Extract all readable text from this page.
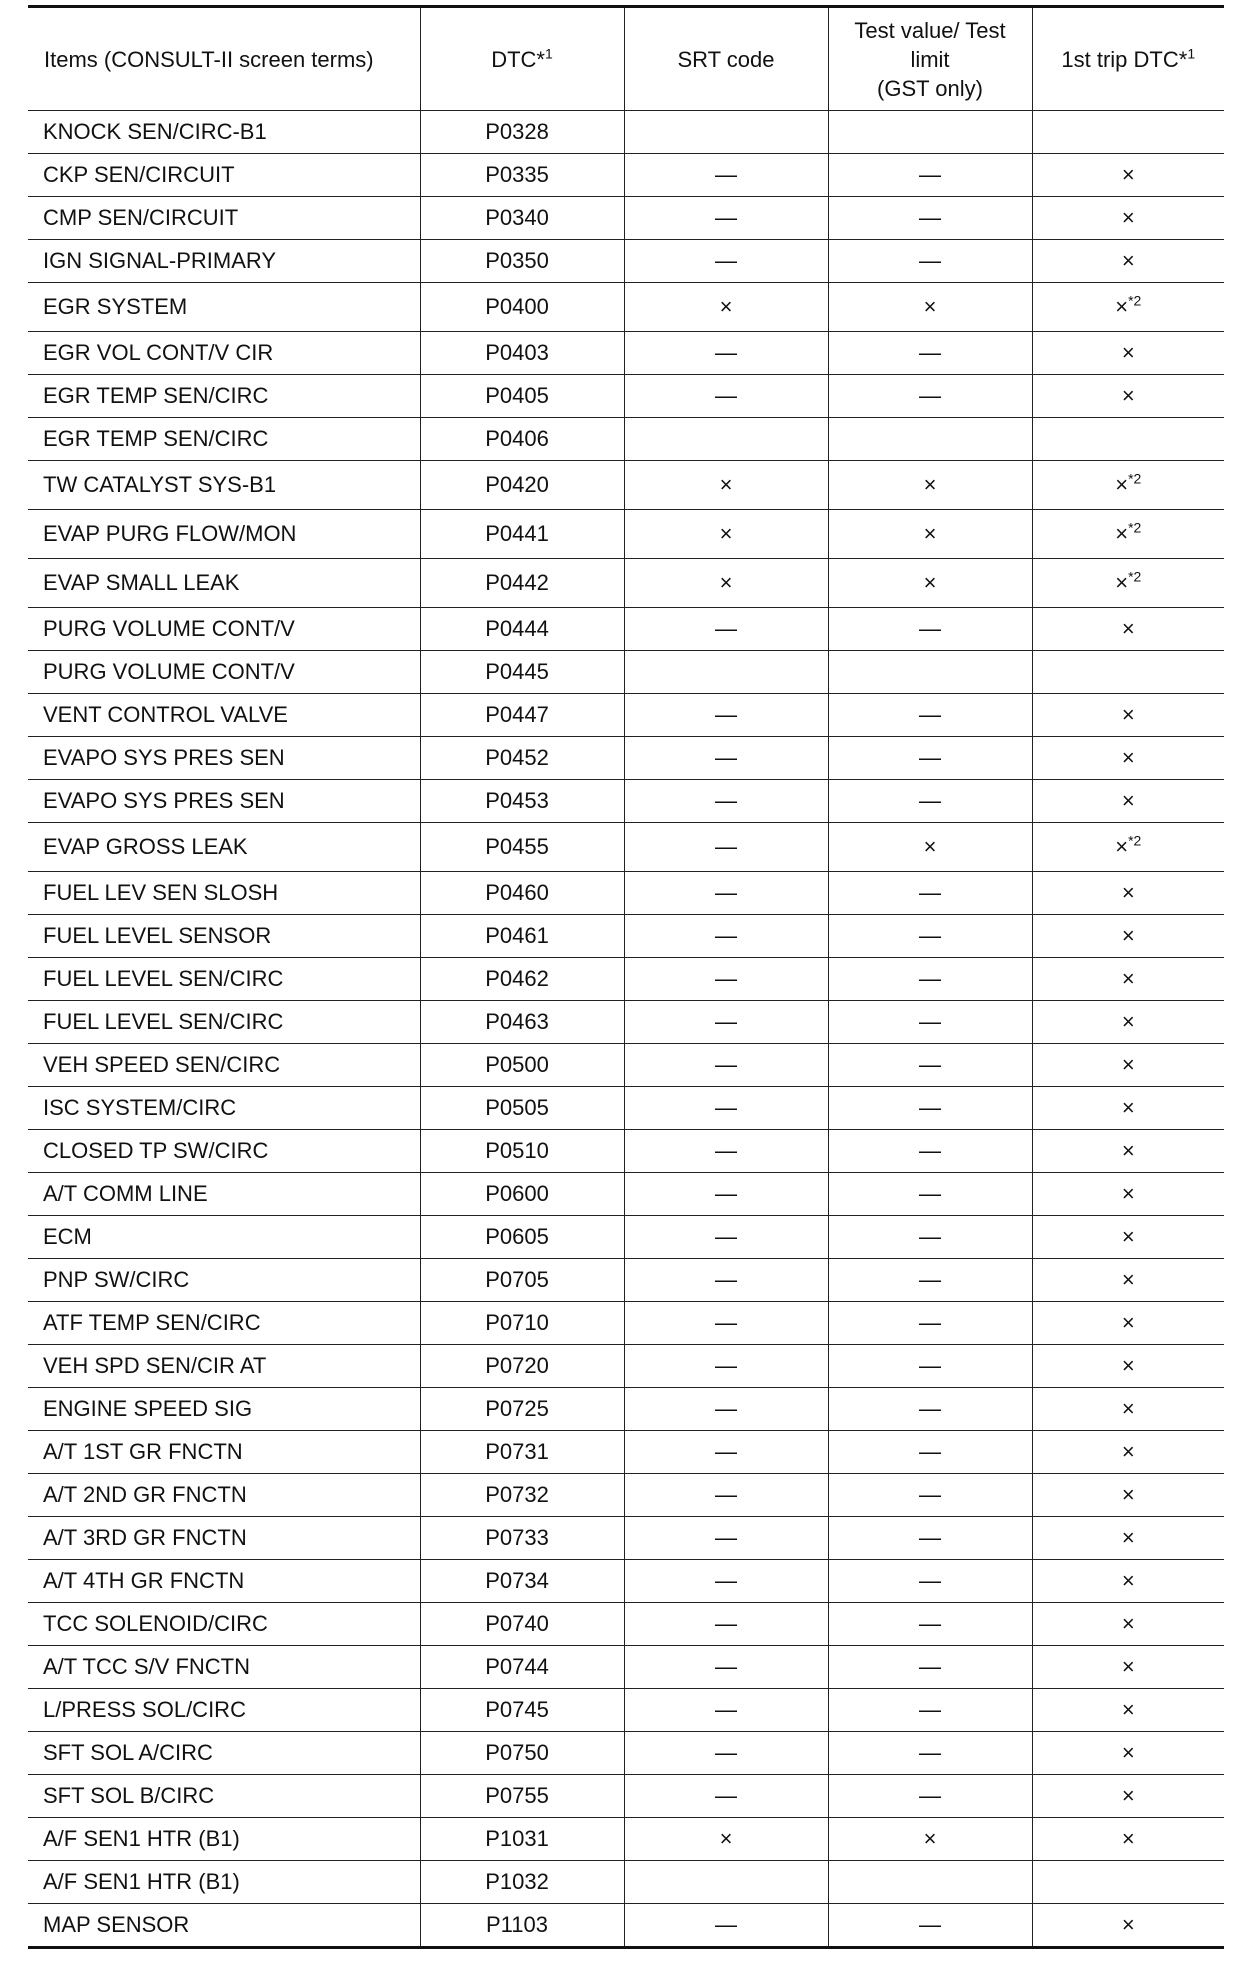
Items (CONSULT-II screen terms)	DTC*$^1$	SRT code	Test value/ Test
limit
(GST only)	1st trip DTC*$^1$
KNOCK SEN/CIRC-B1	P0328			
CKP SEN/CIRCUIT	P0335	—	—	×
CMP SEN/CIRCUIT	P0340	—	—	×
IGN SIGNAL-PRIMARY	P0350	—	—	×
EGR SYSTEM	P0400	×	×	×$^{*2}$
EGR VOL CONT/V CIR	P0403	—	—	×
EGR TEMP SEN/CIRC	P0405	—	—	×
EGR TEMP SEN/CIRC	P0406			
TW CATALYST SYS-B1	P0420	×	×	×$^{*2}$
EVAP PURG FLOW/MON	P0441	×	×	×$^{*2}$
EVAP SMALL LEAK	P0442	×	×	×$^{*2}$
PURG VOLUME CONT/V	P0444	—	—	×
PURG VOLUME CONT/V	P0445			
VENT CONTROL VALVE	P0447	—	—	×
EVAPO SYS PRES SEN	P0452	—	—	×
EVAPO SYS PRES SEN	P0453	—	—	×
EVAP GROSS LEAK	P0455	—	×	×$^{*2}$
FUEL LEV SEN SLOSH	P0460	—	—	×
FUEL LEVEL SENSOR	P0461	—	—	×
FUEL LEVEL SEN/CIRC	P0462	—	—	×
FUEL LEVEL SEN/CIRC	P0463	—	—	×
VEH SPEED SEN/CIRC	P0500	—	—	×
ISC SYSTEM/CIRC	P0505	—	—	×
CLOSED TP SW/CIRC	P0510	—	—	×
A/T COMM LINE	P0600	—	—	×
ECM	P0605	—	—	×
PNP SW/CIRC	P0705	—	—	×
ATF TEMP SEN/CIRC	P0710	—	—	×
VEH SPD SEN/CIR AT	P0720	—	—	×
ENGINE SPEED SIG	P0725	—	—	×
A/T 1ST GR FNCTN	P0731	—	—	×
A/T 2ND GR FNCTN	P0732	—	—	×
A/T 3RD GR FNCTN	P0733	—	—	×
A/T 4TH GR FNCTN	P0734	—	—	×
TCC SOLENOID/CIRC	P0740	—	—	×
A/T TCC S/V FNCTN	P0744	—	—	×
L/PRESS SOL/CIRC	P0745	—	—	×
SFT SOL A/CIRC	P0750	—	—	×
SFT SOL B/CIRC	P0755	—	—	×
A/F SEN1 HTR (B1)	P1031	×	×	×
A/F SEN1 HTR (B1)	P1032			
MAP SENSOR	P1103	—	—	×
